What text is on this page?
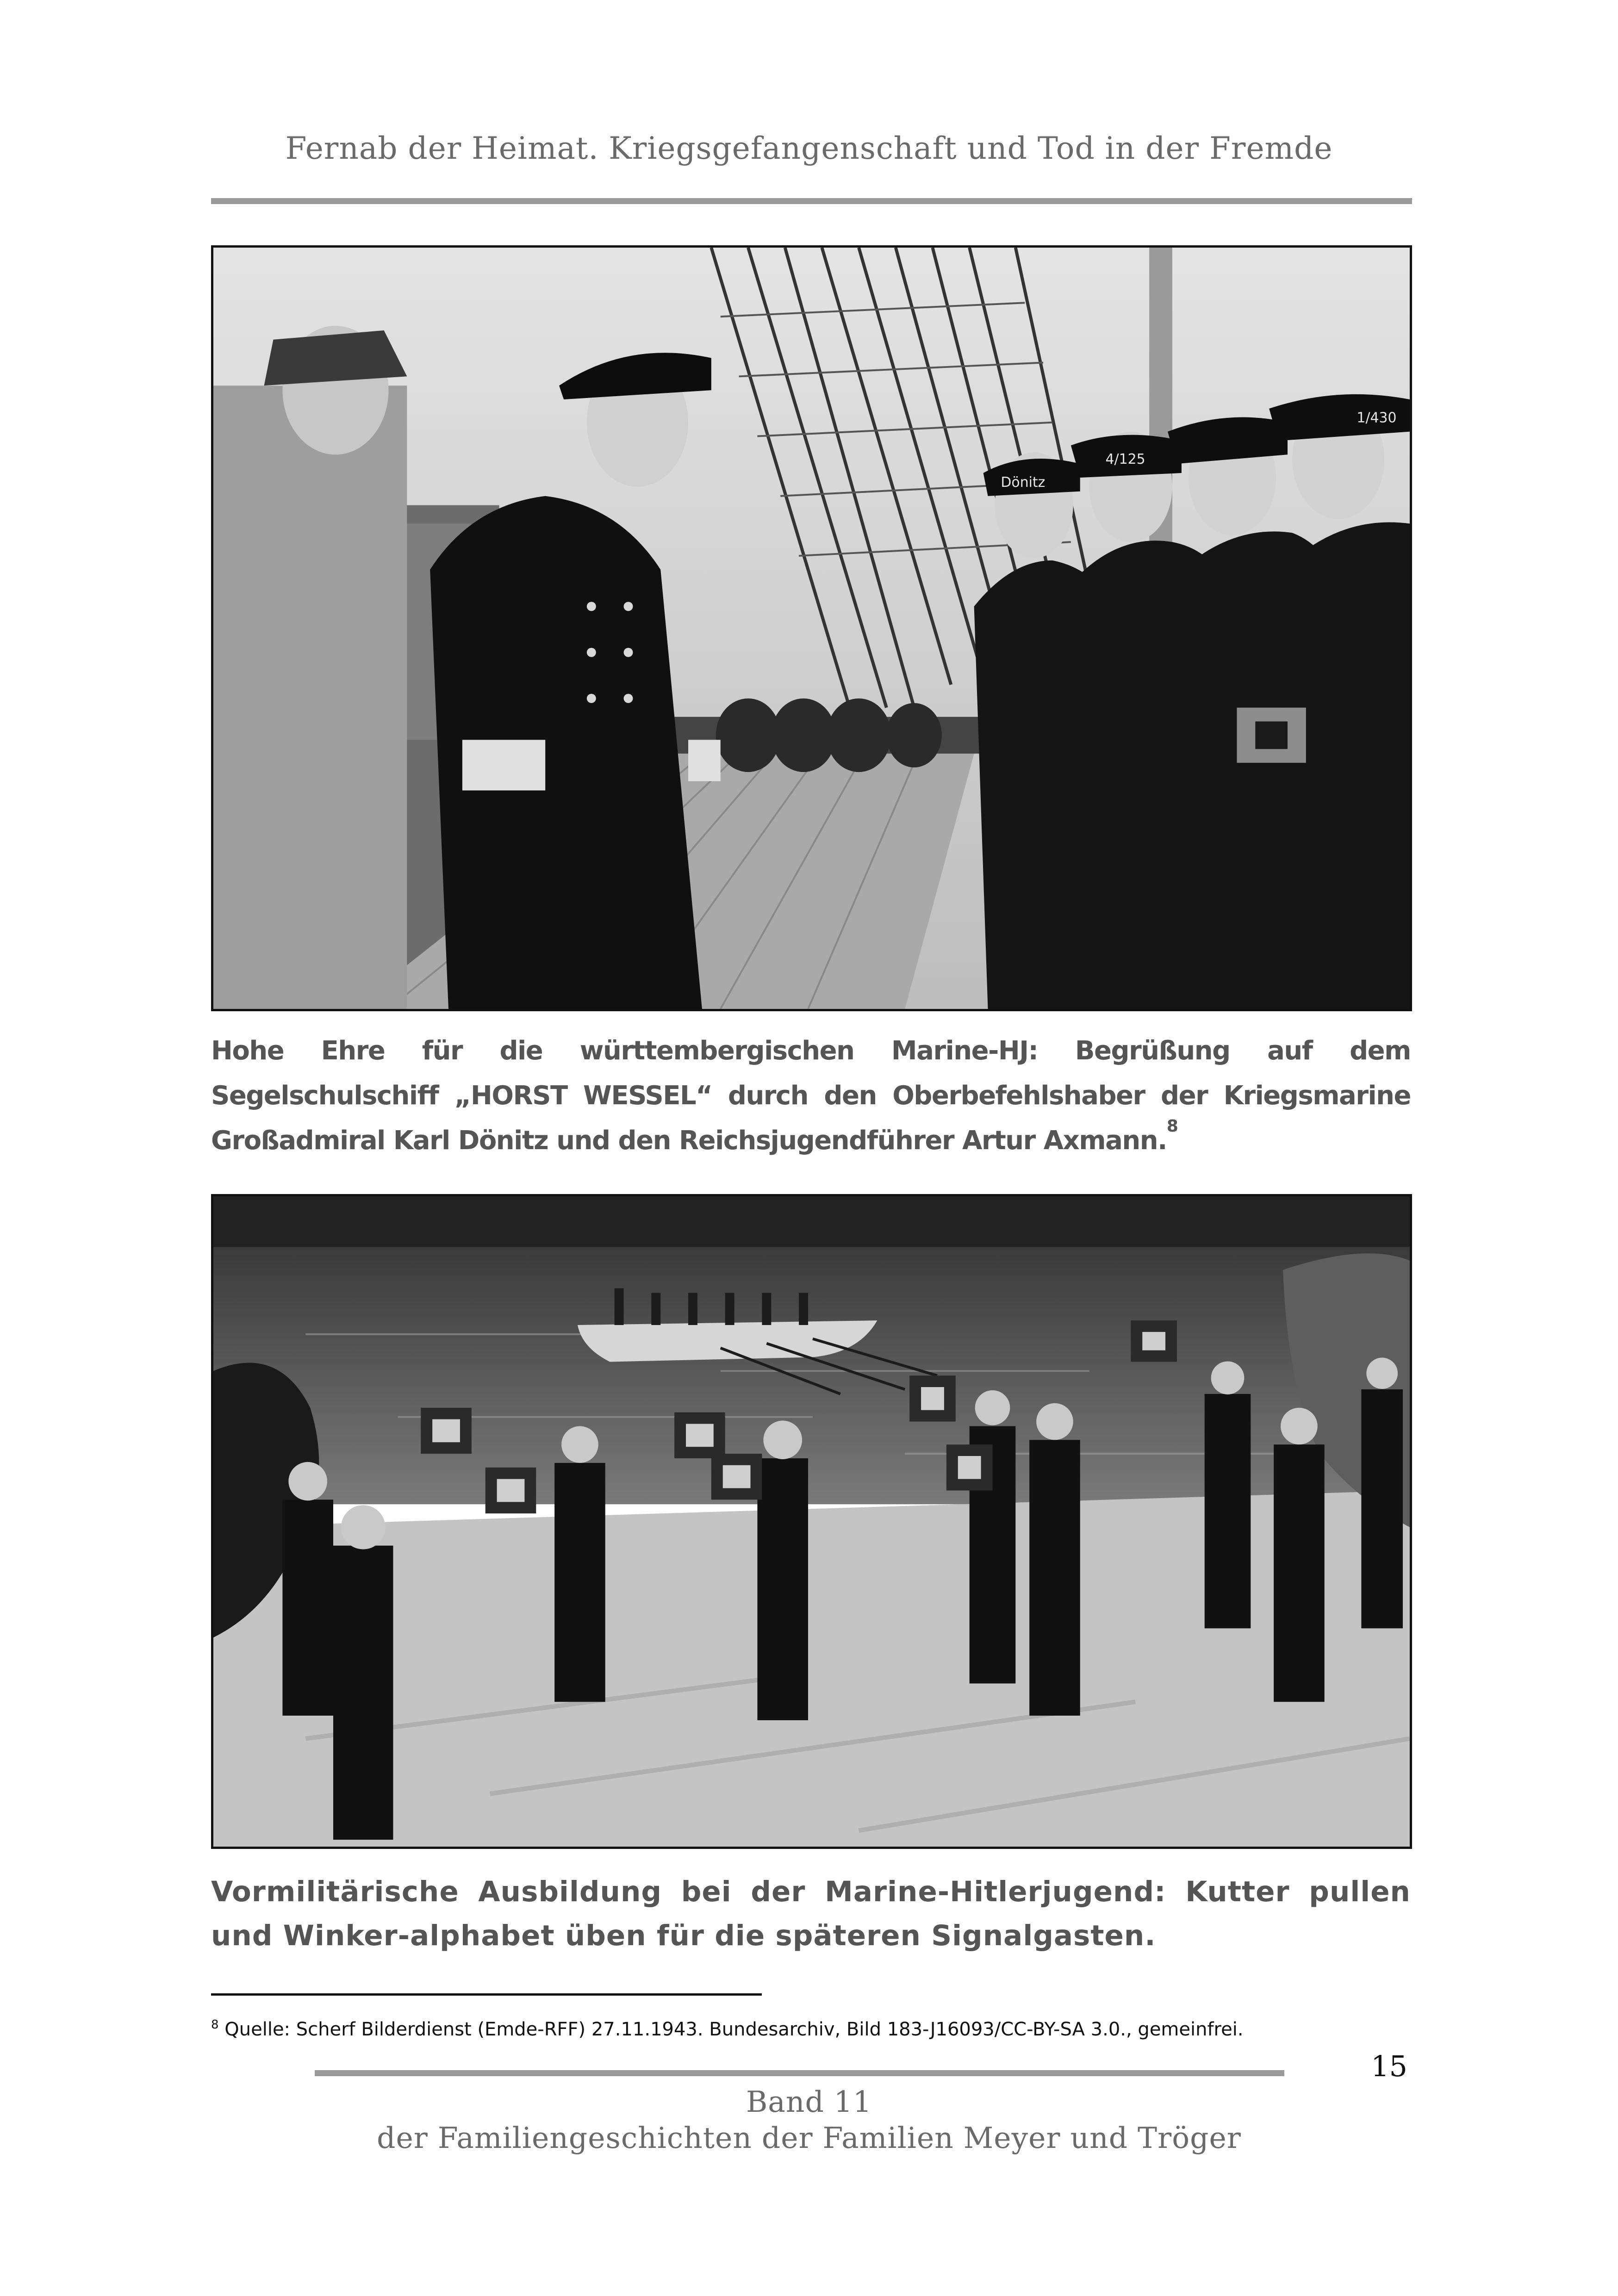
Fernab der Heimat. Kriegsgefangenschaft und Tod in der Fremde
Dönitz
4/125
1/430
Hohe Ehre für die württembergischen Marine-HJ: Begrüßung auf dem Segelschulschiff „HORST WESSEL“ durch den Oberbefehlshaber der Kriegsmarine Großadmiral Karl Dönitz und den Reichsjugendführer Artur Axmann.$^8$
Vormilitärische Ausbildung bei der Marine-Hitlerjugend: Kutter pullen und Winker-alphabet üben für die späteren Signalgasten.
$^8$ Quelle: Scherf Bilderdienst (Emde-RFF) 27.11.1943. Bundesarchiv, Bild 183-J16093/CC-BY-SA 3.0., gemeinfrei.
15
Band 11
der Familiengeschichten der Familien Meyer und Tröger
